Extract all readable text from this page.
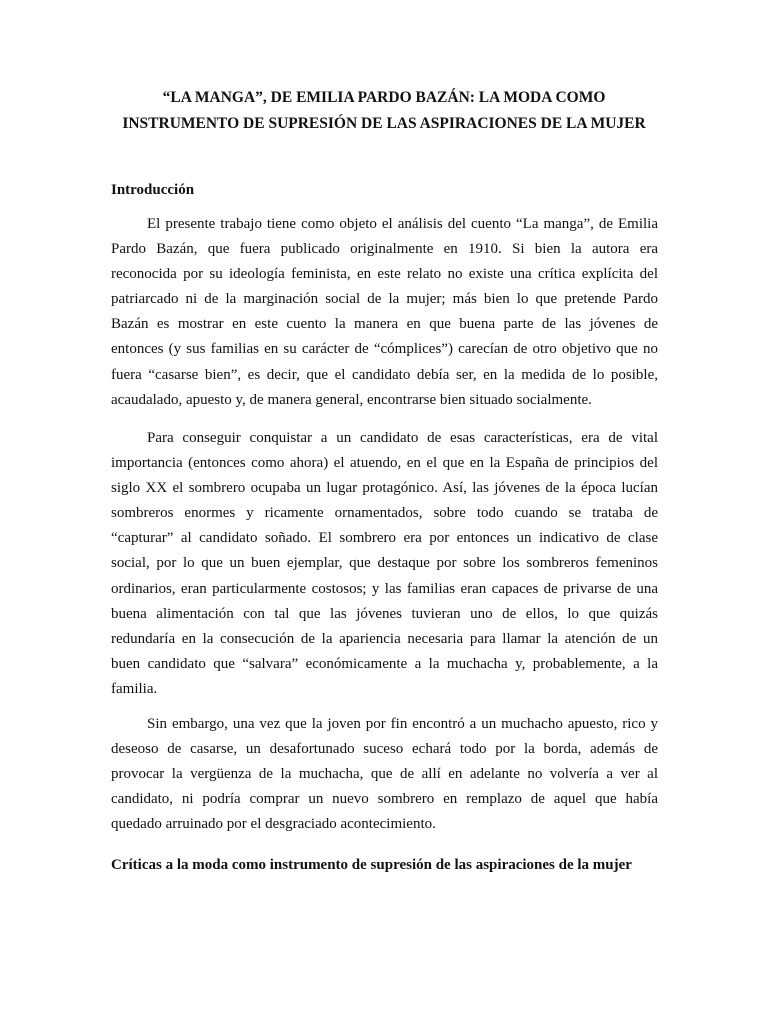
“LA MANGA”, DE EMILIA PARDO BAZÁN: LA MODA COMO
INSTRUMENTO DE SUPRESIÓN DE LAS ASPIRACIONES DE LA MUJER
Introducción

El presente trabajo tiene como objeto el análisis del cuento “La manga”, de Emilia
Pardo Bazán, que fuera publicado originalmente en 1910. Si bien la autora era
reconocida por su ideología feminista, en este relato no existe una crítica explícita del
patriarcado ni de la marginación social de la mujer; más bien lo que pretende Pardo
Bazán es mostrar en este cuento la manera en que buena parte de las jóvenes de
entonces (y sus familias en su carácter de “cómplices”) carecían de otro objetivo que no
fuera “casarse bien”, es decir, que el candidato debía ser, en la medida de lo posible,
acaudalado, apuesto y, de manera general, encontrarse bien situado socialmente.

Para conseguir conquistar a un candidato de esas características, era de vital
importancia (entonces como ahora) el atuendo, en el que en la España de principios del
siglo XX el sombrero ocupaba un lugar protagónico. Así, las jóvenes de la época lucían
sombreros enormes y ricamente ornamentados, sobre todo cuando se trataba de
“capturar” al candidato soñado. El sombrero era por entonces un indicativo de clase
social, por lo que un buen ejemplar, que destaque por sobre los sombreros femeninos
ordinarios, eran particularmente costosos; y las familias eran capaces de privarse de una
buena alimentación con tal que las jóvenes tuvieran uno de ellos, lo que quizás
redundaría en la consecución de la apariencia necesaria para llamar la atención de un
buen candidato que “salvara” económicamente a la muchacha y, probablemente, a la
familia.

Sin embargo, una vez que la joven por fin encontró a un muchacho apuesto, rico y
deseoso de casarse, un desafortunado suceso echará todo por la borda, además de
provocar la vergüenza de la muchacha, que de allí en adelante no volvería a ver al
candidato, ni podría comprar un nuevo sombrero en remplazo de aquel que había
quedado arruinado por el desgraciado acontecimiento.

Críticas a la moda como instrumento de supresión de las aspiraciones de la mujer
